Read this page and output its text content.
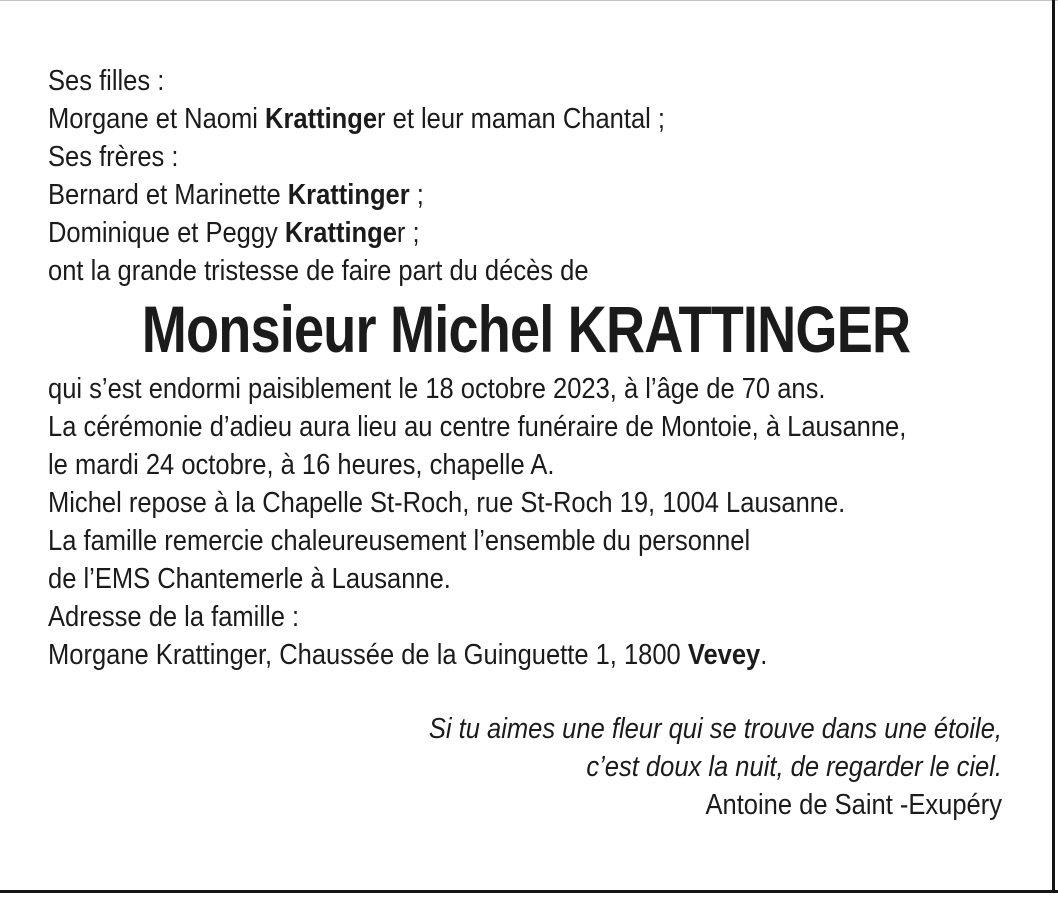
Ses filles :
Morgane et Naomi Krattinger et leur maman Chantal ;
Ses frères :
Bernard et Marinette Krattinger ;
Dominique et Peggy Krattinger ;
ont la grande tristesse de faire part du décès de
Monsieur Michel KRATTINGER
qui s’est endormi paisiblement le 18 octobre 2023, à l’âge de 70 ans.
La cérémonie d’adieu aura lieu au centre funéraire de Montoie, à Lausanne,
le mardi 24 octobre, à 16 heures, chapelle A.
Michel repose à la Chapelle St-Roch, rue St-Roch 19, 1004 Lausanne.
La famille remercie chaleureusement l’ensemble du personnel
de l’EMS Chantemerle à Lausanne.
Adresse de la famille :
Morgane Krattinger, Chaussée de la Guinguette 1, 1800 Vevey.
Si tu aimes une fleur qui se trouve dans une étoile,
c’est doux la nuit, de regarder le ciel.
Antoine de Saint -Exupéry
